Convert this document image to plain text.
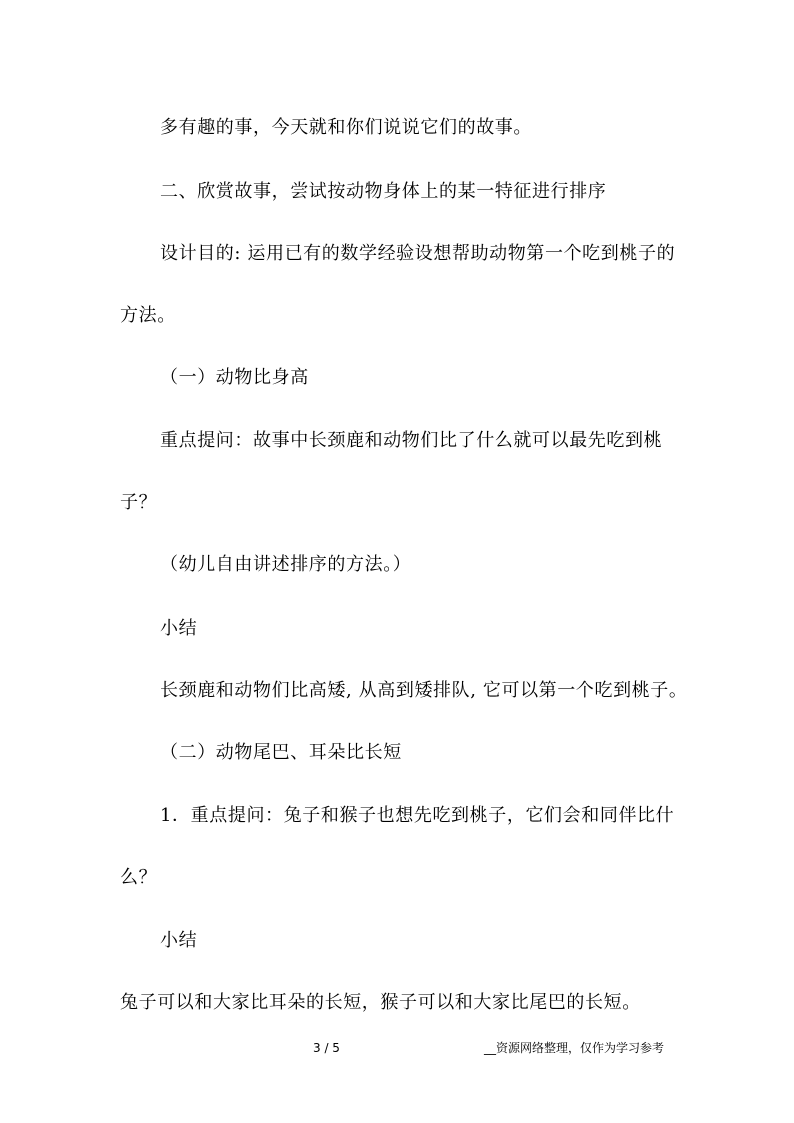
多有趣的事，今天就和你们说说它们的故事。
二、欣赏故事，尝试按动物身体上的某一特征进行排序
设计目的: 运用已有的数学经验设想帮助动物第一个吃到桃子的
方法。
（一）动物比身高
重点提问：故事中长颈鹿和动物们比了什么就可以最先吃到桃
子？
（幼儿自由讲述排序的方法。）
小结
长颈鹿和动物们比高矮, 从高到矮排队, 它可以第一个吃到桃子。
（二）动物尾巴、耳朵比长短
1．重点提问：兔子和猴子也想先吃到桃子，它们会和同伴比什
么？
小结
兔子可以和大家比耳朵的长短，猴子可以和大家比尾巴的长短。
3 / 5	__资源网络整理，仅作为学习参考
